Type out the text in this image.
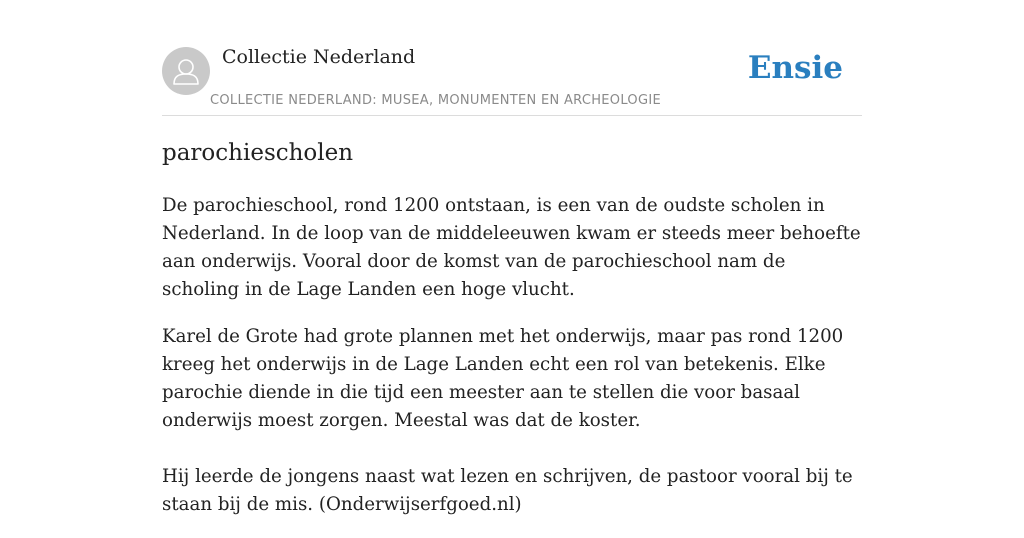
Collectie Nederland
COLLECTIE NEDERLAND: MUSEA, MONUMENTEN EN ARCHEOLOGIE
Ensie
parochiescholen

De parochieschool, rond 1200 ontstaan, is een van de oudste scholen in Nederland. In de loop van de middeleeuwen kwam er steeds meer behoefte aan onderwijs. Vooral door de komst van de parochieschool nam de scholing in de Lage Landen een hoge vlucht.

Karel de Grote had grote plannen met het onderwijs, maar pas rond 1200 kreeg het onderwijs in de Lage Landen echt een rol van betekenis. Elke parochie diende in die tijd een meester aan te stellen die voor basaal onderwijs moest zorgen. Meestal was dat de koster.

Hij leerde de jongens naast wat lezen en schrijven, de pastoor vooral bij te staan bij de mis. (Onderwijserfgoed.nl)
